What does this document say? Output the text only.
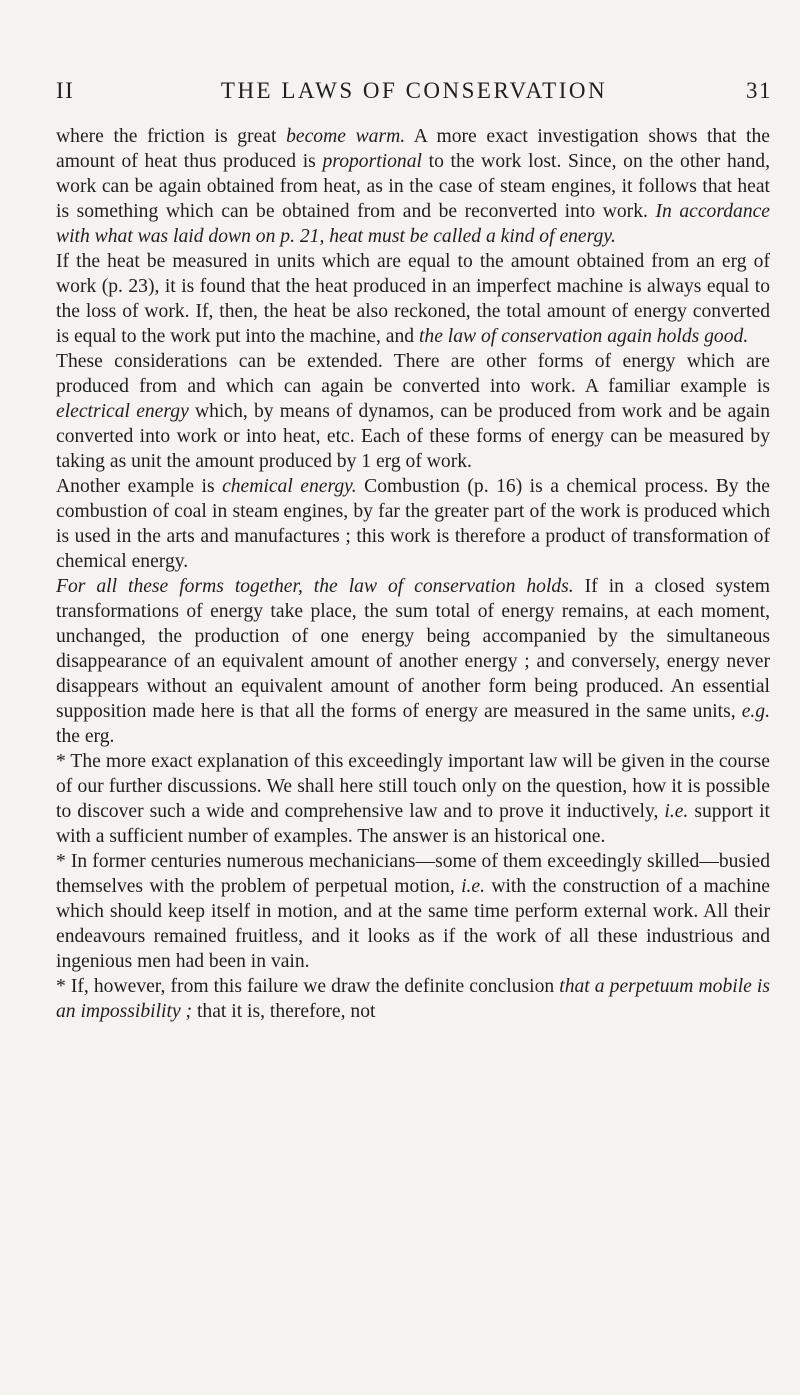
II	THE LAWS OF CONSERVATION	31

where the friction is great become warm. A more exact investigation shows that the amount of heat thus produced is proportional to the work lost. Since, on the other hand, work can be again obtained from heat, as in the case of steam engines, it follows that heat is something which can be obtained from and be reconverted into work. In accordance with what was laid down on p. 21, heat must be called a kind of energy.

If the heat be measured in units which are equal to the amount obtained from an erg of work (p. 23), it is found that the heat produced in an imperfect machine is always equal to the loss of work. If, then, the heat be also reckoned, the total amount of energy converted is equal to the work put into the machine, and the law of conservation again holds good.

These considerations can be extended. There are other forms of energy which are produced from and which can again be converted into work. A familiar example is electrical energy which, by means of dynamos, can be produced from work and be again converted into work or into heat, etc. Each of these forms of energy can be measured by taking as unit the amount produced by 1 erg of work.

Another example is chemical energy. Combustion (p. 16) is a chemical process. By the combustion of coal in steam engines, by far the greater part of the work is produced which is used in the arts and manufactures ; this work is therefore a product of transformation of chemical energy.

For all these forms together, the law of conservation holds. If in a closed system transformations of energy take place, the sum total of energy remains, at each moment, unchanged, the production of one energy being accompanied by the simultaneous disappearance of an equivalent amount of another energy ; and conversely, energy never disappears without an equivalent amount of another form being produced. An essential supposition made here is that all the forms of energy are measured in the same units, e.g. the erg.

* The more exact explanation of this exceedingly important law will be given in the course of our further discussions. We shall here still touch only on the question, how it is possible to discover such a wide and comprehensive law and to prove it inductively, i.e. support it with a sufficient number of examples. The answer is an historical one.

* In former centuries numerous mechanicians—some of them exceedingly skilled—busied themselves with the problem of perpetual motion, i.e. with the construction of a machine which should keep itself in motion, and at the same time perform external work. All their endeavours remained fruitless, and it looks as if the work of all these industrious and ingenious men had been in vain.

* If, however, from this failure we draw the definite conclusion that a perpetuum mobile is an impossibility ; that it is, therefore, not
